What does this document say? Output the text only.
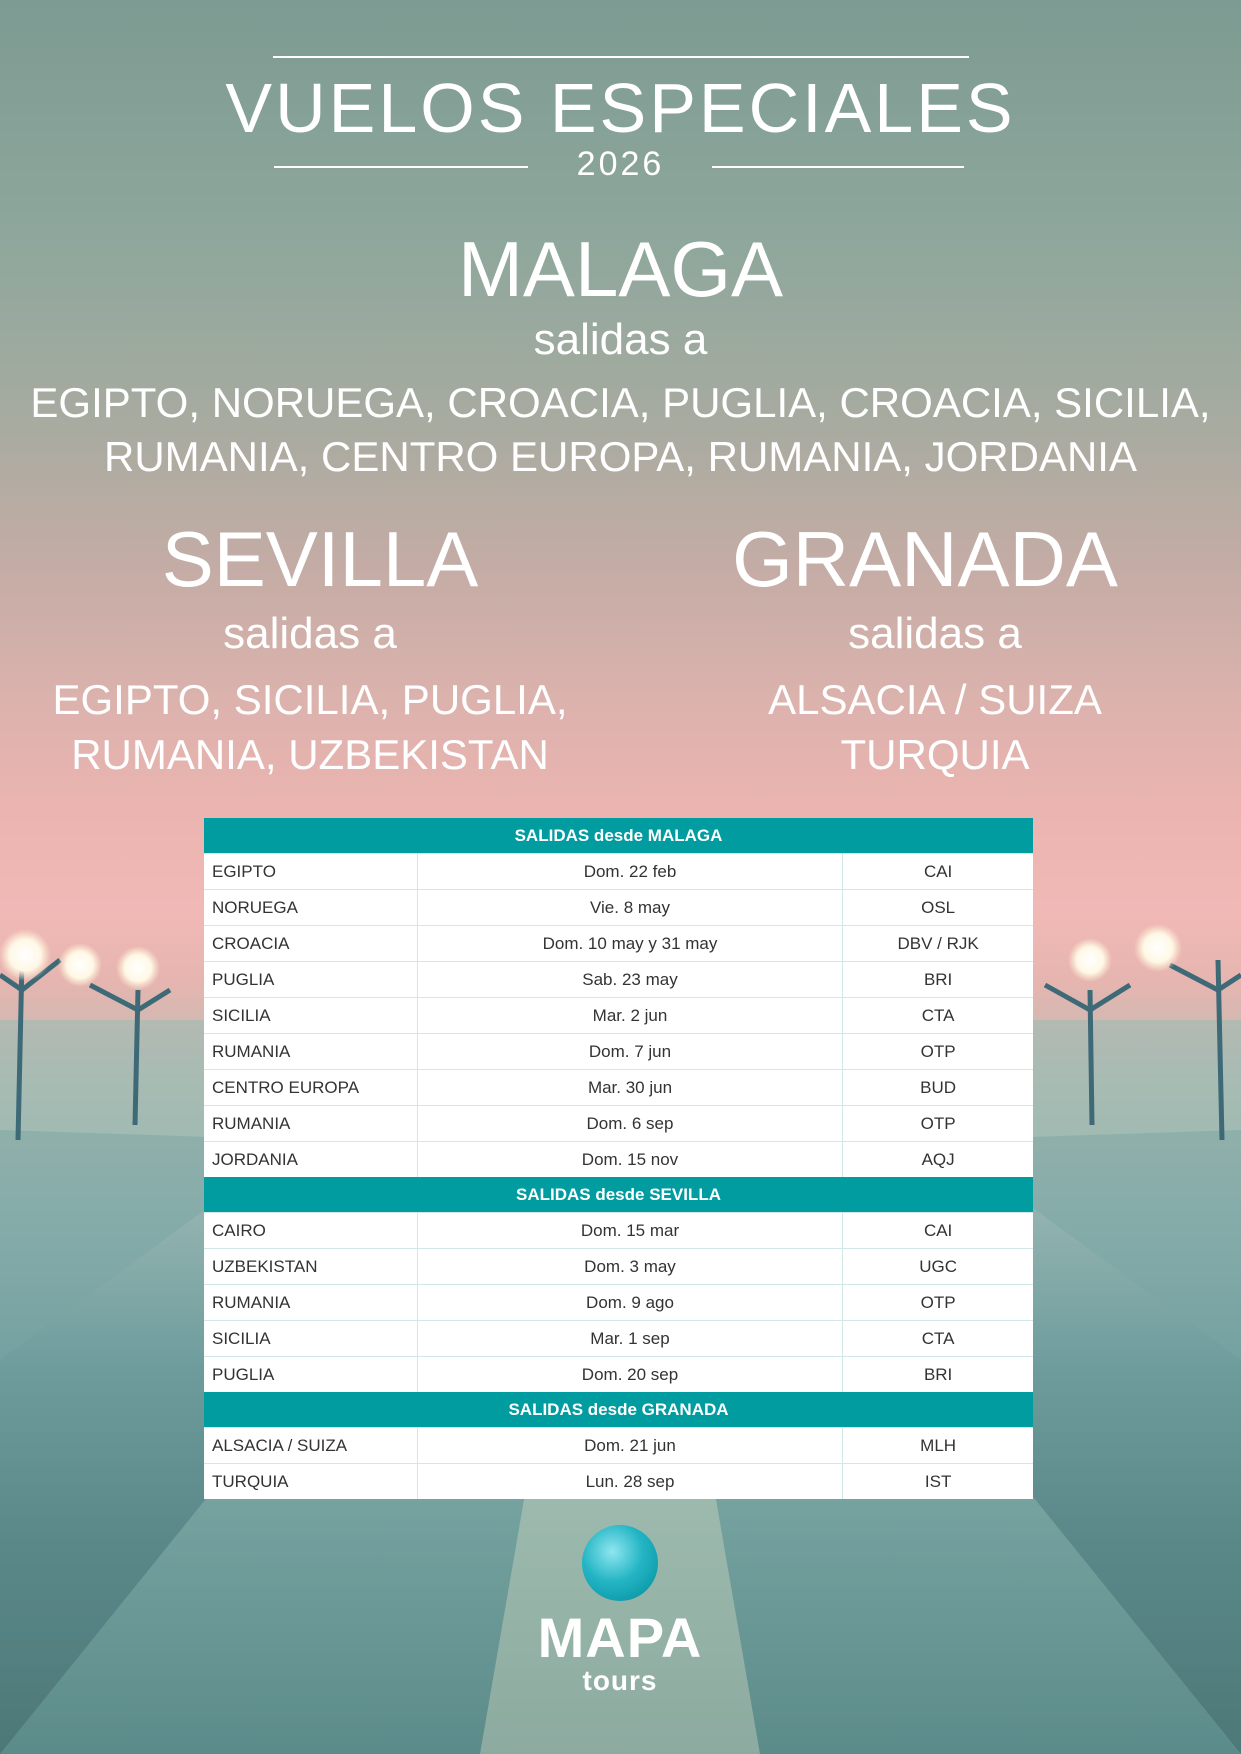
VUELOS ESPECIALES
2026
MALAGA
salidas a
EGIPTO, NORUEGA, CROACIA, PUGLIA, CROACIA, SICILIA,
RUMANIA, CENTRO EUROPA, RUMANIA, JORDANIA
SEVILLA
salidas a
EGIPTO, SICILIA, PUGLIA,
RUMANIA, UZBEKISTAN
GRANADA
salidas a
ALSACIA / SUIZA
TURQUIA
SALIDAS desde MALAGA
EGIPTO	Dom. 22 feb	CAI
NORUEGA	Vie. 8 may	OSL
CROACIA	Dom. 10 may y 31 may	DBV / RJK
PUGLIA	Sab. 23 may	BRI
SICILIA	Mar. 2 jun	CTA
RUMANIA	Dom. 7 jun	OTP
CENTRO EUROPA	Mar. 30 jun	BUD
RUMANIA	Dom. 6 sep	OTP
JORDANIA	Dom. 15 nov	AQJ
SALIDAS desde SEVILLA
CAIRO	Dom. 15 mar	CAI
UZBEKISTAN	Dom. 3 may	UGC
RUMANIA	Dom. 9 ago	OTP
SICILIA	Mar. 1 sep	CTA
PUGLIA	Dom. 20 sep	BRI
SALIDAS desde GRANADA
ALSACIA / SUIZA	Dom. 21 jun	MLH
TURQUIA	Lun. 28 sep	IST
MAPA
tours
